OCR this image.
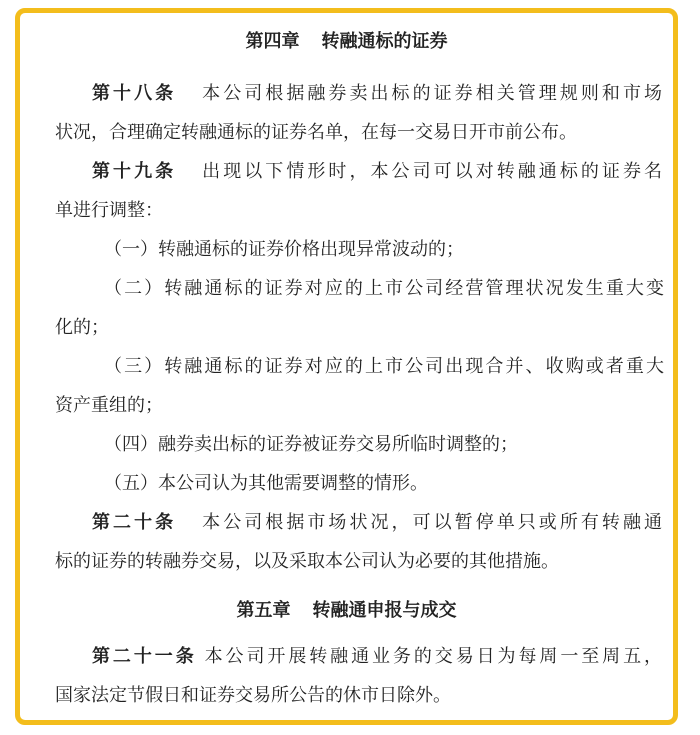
第四章 转融通标的证券
第十八条 本公司根据融券卖出标的证券相关管理规则和市场
状况，合理确定转融通标的证券名单，在每一交易日开市前公布。
第十九条 出现以下情形时，本公司可以对转融通标的证券名
单进行调整：
（一）转融通标的证券价格出现异常波动的；
（二）转融通标的证券对应的上市公司经营管理状况发生重大变
化的；
（三）转融通标的证券对应的上市公司出现合并、收购或者重大
资产重组的；
（四）融券卖出标的证券被证券交易所临时调整的；
（五）本公司认为其他需要调整的情形。
第二十条 本公司根据市场状况，可以暂停单只或所有转融通
标的证券的转融券交易，以及采取本公司认为必要的其他措施。
第五章 转融通申报与成交
第二十一条 本公司开展转融通业务的交易日为每周一至周五，
国家法定节假日和证券交易所公告的休市日除外。
